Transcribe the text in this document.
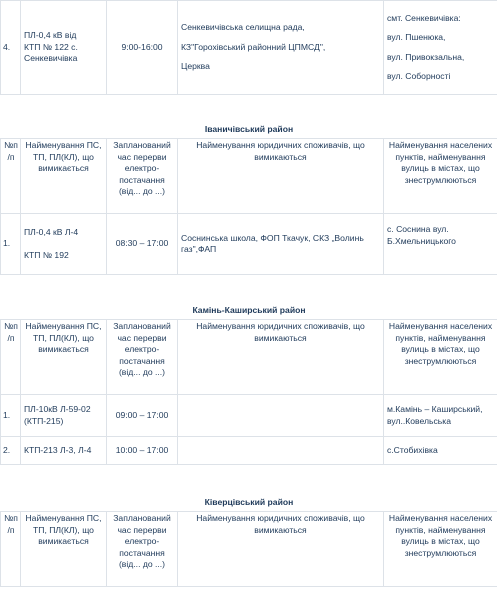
4.	ПЛ-0,4 кВ від
КТП № 122 с.
Сенкевичівка	9:00-16:00	Сенкевичівська селищна рада,
КЗ"Горохівський районний ЦПМСД",
Церква	смт. Сенкевичівка:
вул. Пшенюка,
вул. Привокзальна,
вул. Соборності

Іваничівський район				
№п/п	Найменування ПС, ТП, ПЛ(КЛ), що вимикається	Запланований час перерви електро-постачання (від... до ...)	Найменування юридичних споживачів, що вимикаються	Найменування населених пунктів, найменування вулиць в містах, що знеструмлюються
1.	ПЛ-0,4 кВ Л-4
КТП № 192	08:30 – 17:00	Соснинська школа, ФОП Ткачук, СКЗ „Волинь газ",ФАП	с. Соснина вул. Б.Хмельницького
Камінь-Каширський район				
№п/п	Найменування ПС, ТП, ПЛ(КЛ), що вимикається	Запланований час перерви електро-постачання (від... до ...)	Найменування юридичних споживачів, що вимикаються	Найменування населених пунктів, найменування вулиць в містах, що знеструмлюються
1.	ПЛ-10кВ Л-59-02 (КТП-215)	09:00 – 17:00		м.Камінь – Каширський, вул..Ковельська
2.	КТП-213 Л-3, Л-4	10:00 – 17:00		с.Стобихівка
Ківерцівський район				
№п/п	Найменування ПС, ТП, ПЛ(КЛ), що вимикається	Запланований час перерви електро-постачання (від... до ...)	Найменування юридичних споживачів, що вимикаються	Найменування населених пунктів, найменування вулиць в містах, що знеструмлюються
